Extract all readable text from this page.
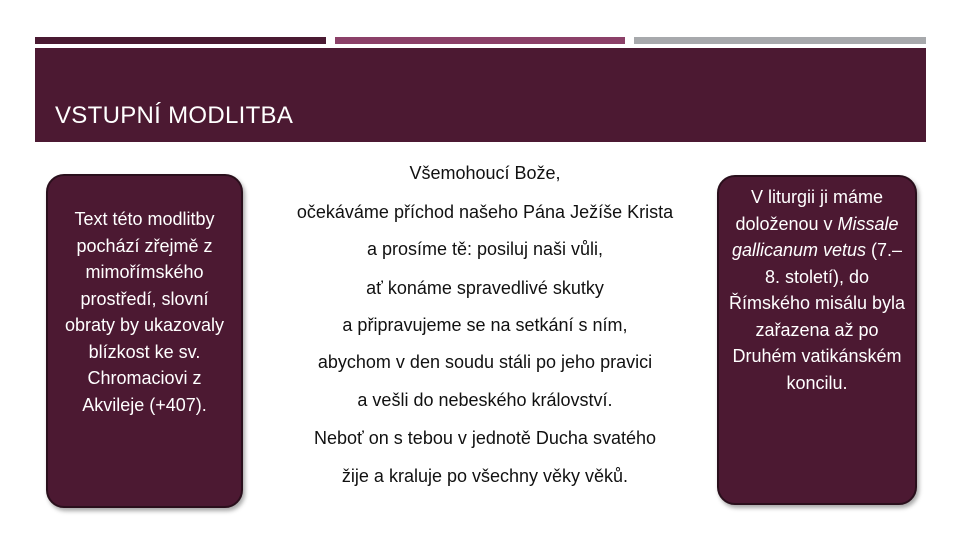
VSTUPNÍ MODLITBA
Všemohoucí Bože,
očekáváme příchod našeho Pána Ježíše Krista
a prosíme tě: posiluj naši vůli,
ať konáme spravedlivé skutky
a připravujeme se na setkání s ním,
abychom v den soudu stáli po jeho pravici
a vešli do nebeského království.
Neboť on s tebou v jednotě Ducha svatého
žije a kraluje po všechny věky věků.

Text této modlitby pochází zřejmě z mimořímského prostředí, slovní obraty by ukazovaly blízkost ke sv. Chromaciovi z Akvileje (+407).

V liturgii ji máme doloženou v Missale gallicanum vetus (7.–8. století), do Římského misálu byla zařazena až po Druhém vatikánském koncilu.
